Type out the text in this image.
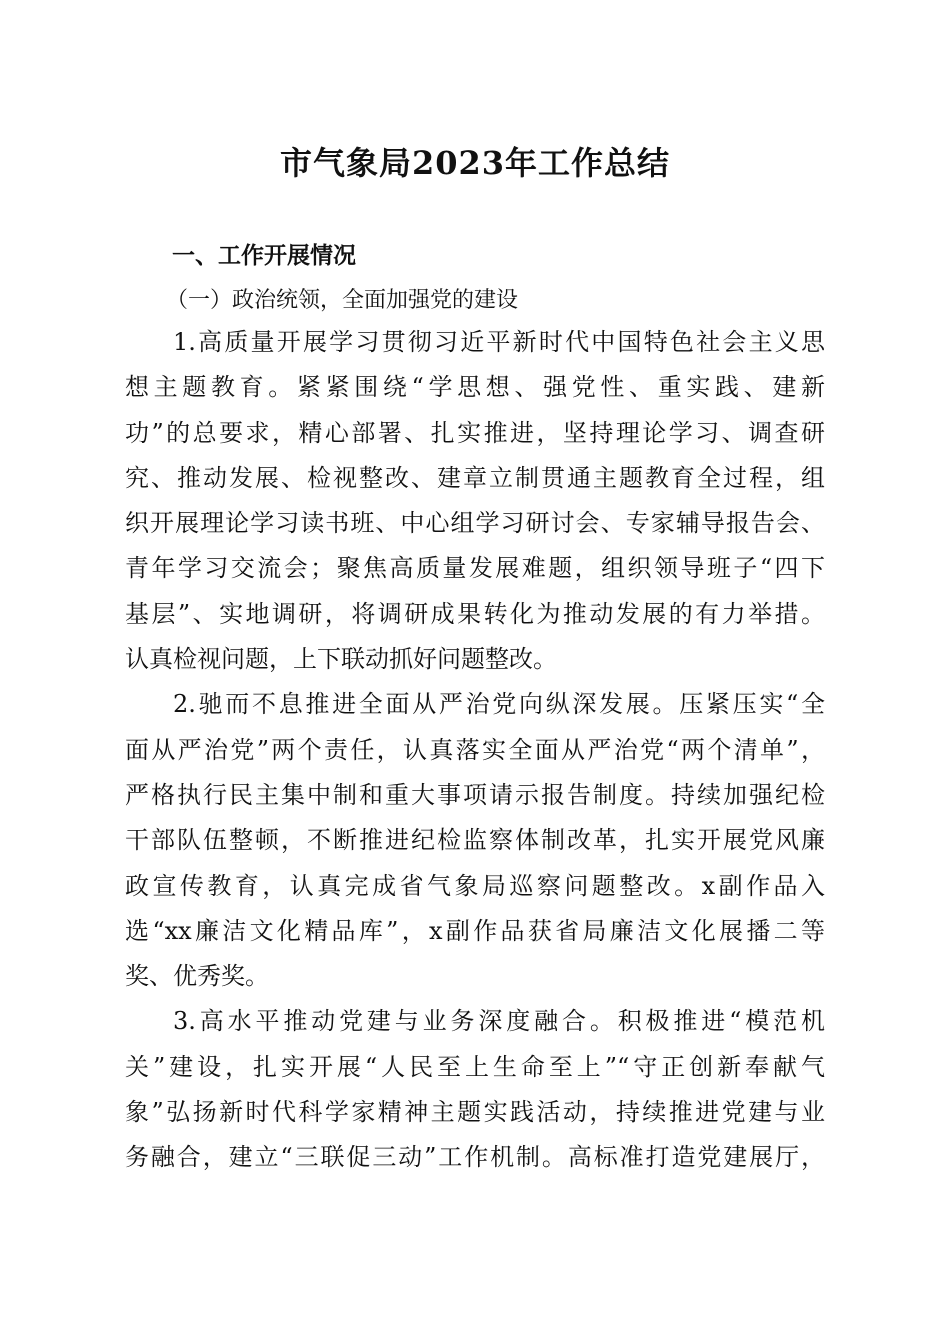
市气象局2023年工作总结
一、工作开展情况
（一）政治统领，全面加强党的建设
1.高质量开展学习贯彻习近平新时代中国特色社会主义思
想主题教育。紧紧围绕“学思想、强党性、重实践、建新
功”的总要求，精心部署、扎实推进，坚持理论学习、调查研
究、推动发展、检视整改、建章立制贯通主题教育全过程，组
织开展理论学习读书班、中心组学习研讨会、专家辅导报告会、
青年学习交流会；聚焦高质量发展难题，组织领导班子“四下
基层”、实地调研，将调研成果转化为推动发展的有力举措。
认真检视问题，上下联动抓好问题整改。
2.驰而不息推进全面从严治党向纵深发展。压紧压实“全
面从严治党”两个责任，认真落实全面从严治党“两个清单”，
严格执行民主集中制和重大事项请示报告制度。持续加强纪检
干部队伍整顿，不断推进纪检监察体制改革，扎实开展党风廉
政宣传教育，认真完成省气象局巡察问题整改。x副作品入
选“xx廉洁文化精品库”，x副作品获省局廉洁文化展播二等
奖、优秀奖。
3.高水平推动党建与业务深度融合。积极推进“模范机
关”建设，扎实开展“人民至上生命至上”“守正创新奉献气
象”弘扬新时代科学家精神主题实践活动，持续推进党建与业
务融合，建立“三联促三动”工作机制。高标准打造党建展厅，
